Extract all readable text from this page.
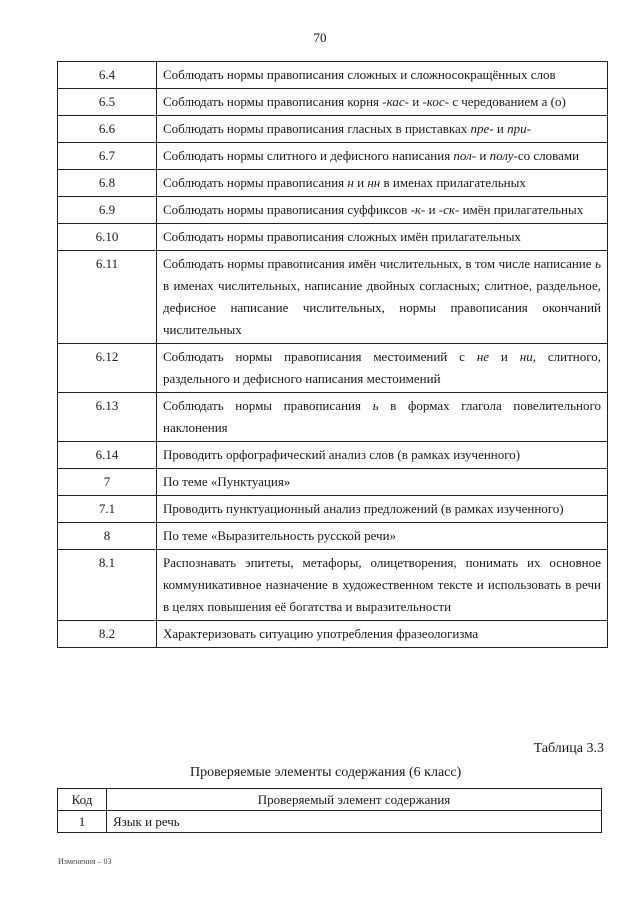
70
6.4	Соблюдать нормы правописания сложных и сложносокращённых слов
6.5	Соблюдать нормы правописания корня -кас- и -кос- с чередованием а (о)
6.6	Соблюдать нормы правописания гласных в приставках пре- и при-
6.7	Соблюдать нормы слитного и дефисного написания пол- и полу-со словами
6.8	Соблюдать нормы правописания н и нн в именах прилагательных
6.9	Соблюдать нормы правописания суффиксов -к- и -ск- имён прилагательных
6.10	Соблюдать нормы правописания сложных имён прилагательных
6.11	Соблюдать нормы правописания имён числительных, в том числе написание ь в именах числительных, написание двойных согласных; слитное, раздельное, дефисное написание числительных, нормы правописания окончаний числительных
6.12	Соблюдать нормы правописания местоимений с не и ни, слитного, раздельного и дефисного написания местоимений
6.13	Соблюдать нормы правописания ь в формах глагола повелительного наклонения
6.14	Проводить орфографический анализ слов (в рамках изученного)
7	По теме «Пунктуация»
7.1	Проводить пунктуационный анализ предложений (в рамках изученного)
8	По теме «Выразительность русской речи»
8.1	Распознавать эпитеты, метафоры, олицетворения, понимать их основное коммуникативное назначение в художественном тексте и использовать в речи в целях повышения её богатства и выразительности
8.2	Характеризовать ситуацию употребления фразеологизма
Таблица 3.3
Проверяемые элементы содержания (6 класс)
Код	Проверяемый элемент содержания
1	Язык и речь
Изменения – 03
